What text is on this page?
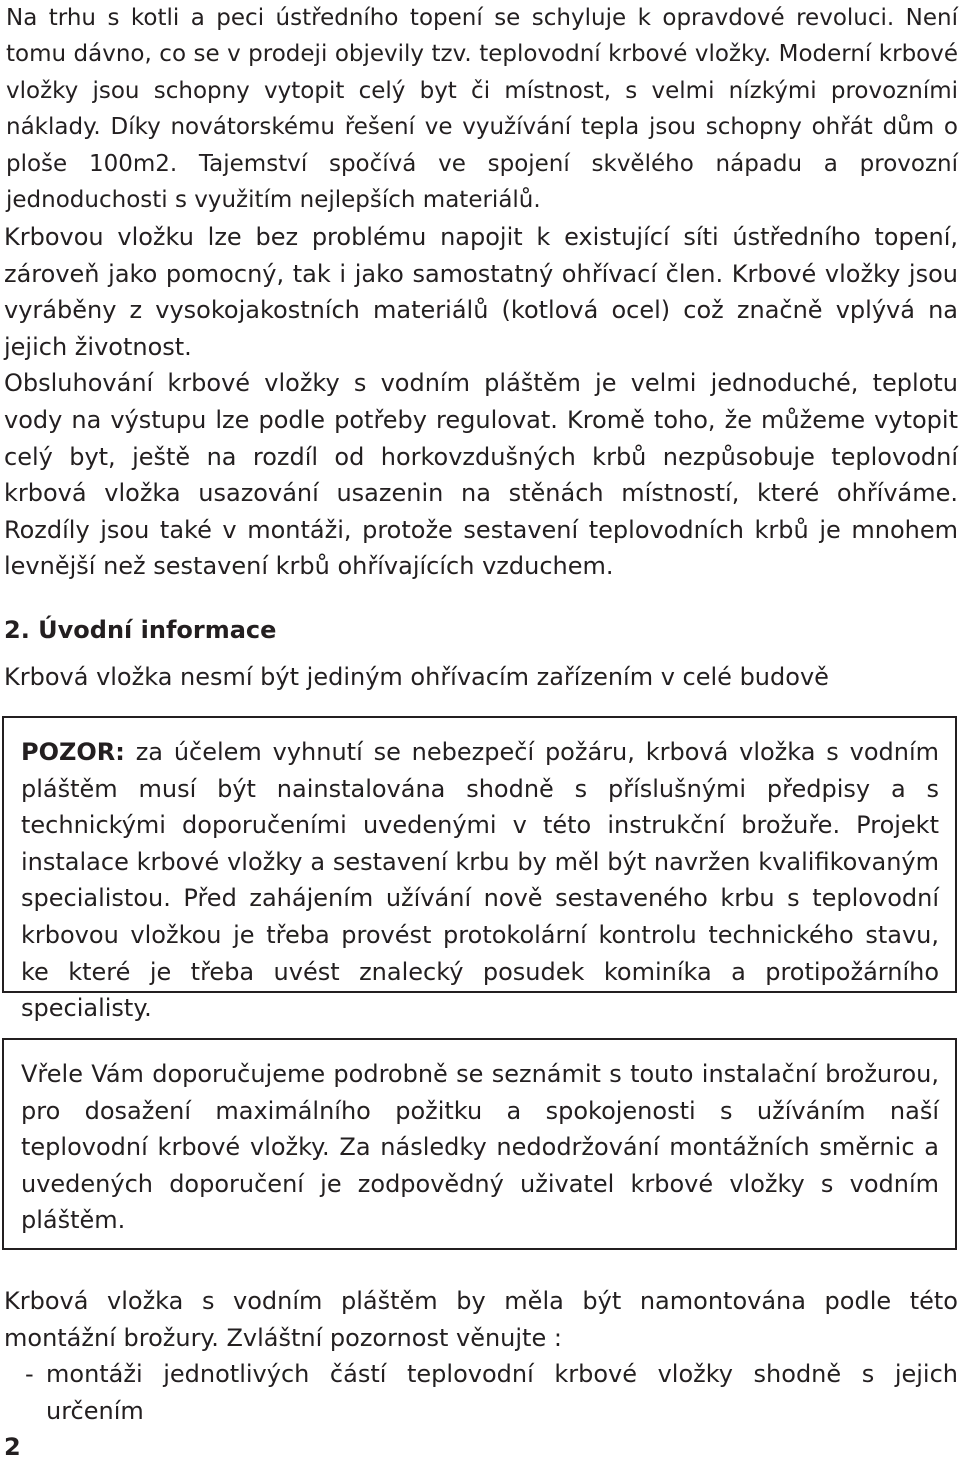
Na trhu s kotli a peci ústředního topení se schyluje k opravdové revoluci. Není tomu dávno, co se v prodeji objevily tzv. teplovodní krbové vložky. Moderní krbové vložky jsou schopny vytopit celý byt či místnost, s velmi nízkými provozními náklady. Díky novátorskému řešení ve využívání tepla jsou schopny ohřát dům o ploše 100m2. Tajemství spočívá ve spojení skvělého nápadu a provozní jednoduchosti s využitím nejlepších materiálů.

Krbovou vložku lze bez problému napojit k existující síti ústředního topení, zároveň jako pomocný, tak i jako samostatný ohřívací člen. Krbové vložky jsou vyráběny z vysokojakostních materiálů (kotlová ocel) což značně vplývá na jejich životnost.

Obsluhování krbové vložky s vodním pláštěm je velmi jednoduché, teplotu vody na výstupu lze podle potřeby regulovat. Kromě toho, že můžeme vytopit celý byt, ještě na rozdíl od horkovzdušných krbů nezpůsobuje teplovodní krbová vložka usazování usazenin na stěnách místností, které ohříváme. Rozdíly jsou také v montáži, protože sestavení teplovodních krbů je mnohem levnější než sestavení krbů ohřívajících vzduchem.

2. Úvodní informace

Krbová vložka nesmí být jediným ohřívacím zařízením v celé budově

POZOR: za účelem vyhnutí se nebezpečí požáru, krbová vložka s vodním pláštěm musí být nainstalována shodně s příslušnými předpisy a s technickými doporučeními uvedenými v této instrukční brožuře. Projekt instalace krbové vložky a sestavení krbu by měl být navržen kvalifikovaným specialistou. Před zahájením užívání nově sestaveného krbu s teplovodní krbovou vložkou je třeba provést protokolární kontrolu technického stavu, ke které je třeba uvést znalecký posudek kominíka a protipožárního specialisty.

Vřele Vám doporučujeme podrobně se seznámit s touto instalační brožurou, pro dosažení maximálního požitku a spokojenosti s užíváním naší teplovodní krbové vložky. Za následky nedodržování montážních směrnic a uvedených doporučení je zodpovědný uživatel krbové vložky s vodním pláštěm.

Krbová vložka s vodním pláštěm by měla být namontována podle této montážní brožury. Zvláštní pozornost věnujte :

- montáži jednotlivých částí teplovodní krbové vložky shodně s jejich určením
2
